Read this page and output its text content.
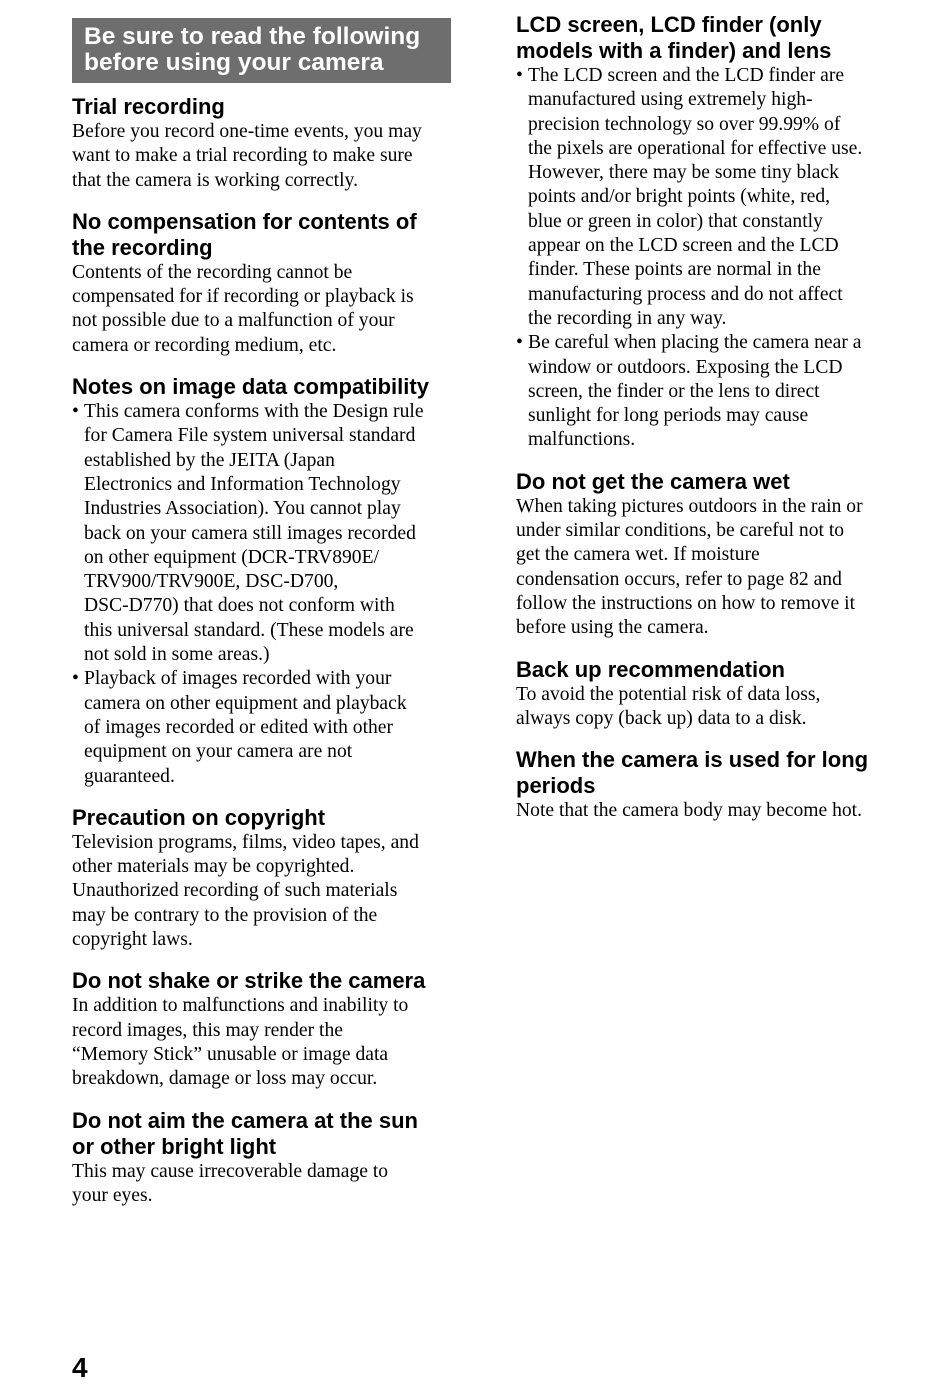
Be sure to read the following
before using your camera
Trial recording
Before you record one-time events, you may
want to make a trial recording to make sure
that the camera is working correctly.
No compensation for contents of
the recording
Contents of the recording cannot be
compensated for if recording or playback is
not possible due to a malfunction of your
camera or recording medium, etc.
Notes on image data compatibility
• This camera conforms with the Design rule
for Camera File system universal standard
established by the JEITA (Japan
Electronics and Information Technology
Industries Association). You cannot play
back on your camera still images recorded
on other equipment (DCR-TRV890E/
TRV900/TRV900E, DSC-D700,
DSC-D770) that does not conform with
this universal standard. (These models are
not sold in some areas.)
• Playback of images recorded with your
camera on other equipment and playback
of images recorded or edited with other
equipment on your camera are not
guaranteed.
Precaution on copyright
Television programs, films, video tapes, and
other materials may be copyrighted.
Unauthorized recording of such materials
may be contrary to the provision of the
copyright laws.
Do not shake or strike the camera
In addition to malfunctions and inability to
record images, this may render the
“Memory Stick” unusable or image data
breakdown, damage or loss may occur.
Do not aim the camera at the sun
or other bright light
This may cause irrecoverable damage to
your eyes.
LCD screen, LCD finder (only
models with a finder) and lens
• The LCD screen and the LCD finder are
manufactured using extremely high-
precision technology so over 99.99% of
the pixels are operational for effective use.
However, there may be some tiny black
points and/or bright points (white, red,
blue or green in color) that constantly
appear on the LCD screen and the LCD
finder. These points are normal in the
manufacturing process and do not affect
the recording in any way.
• Be careful when placing the camera near a
window or outdoors. Exposing the LCD
screen, the finder or the lens to direct
sunlight for long periods may cause
malfunctions.
Do not get the camera wet
When taking pictures outdoors in the rain or
under similar conditions, be careful not to
get the camera wet. If moisture
condensation occurs, refer to page 82 and
follow the instructions on how to remove it
before using the camera.
Back up recommendation
To avoid the potential risk of data loss,
always copy (back up) data to a disk.
When the camera is used for long
periods
Note that the camera body may become hot.
4
